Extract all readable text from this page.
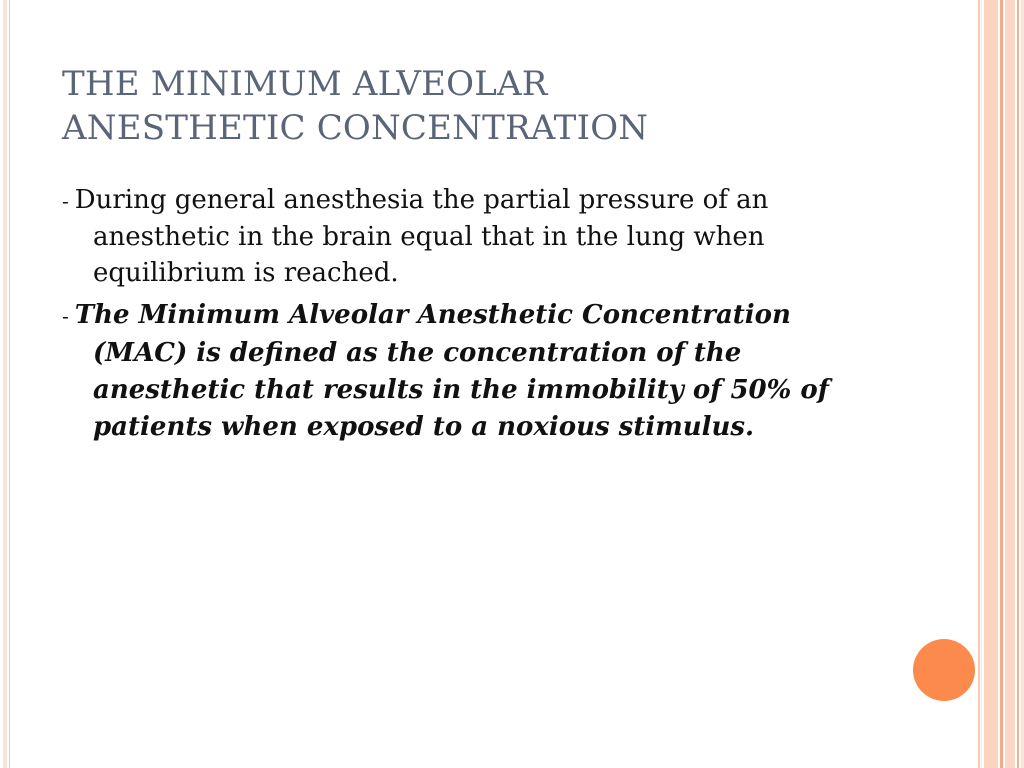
THE MINIMUM ALVEOLAR
ANESTHETIC CONCENTRATION

- During general anesthesia the partial pressure of an anesthetic in the brain equal that in the lung when equilibrium is reached.

- The Minimum Alveolar Anesthetic Concentration (MAC) is defined as the concentration of the anesthetic that results in the immobility of 50% of patients when exposed to a noxious stimulus.
